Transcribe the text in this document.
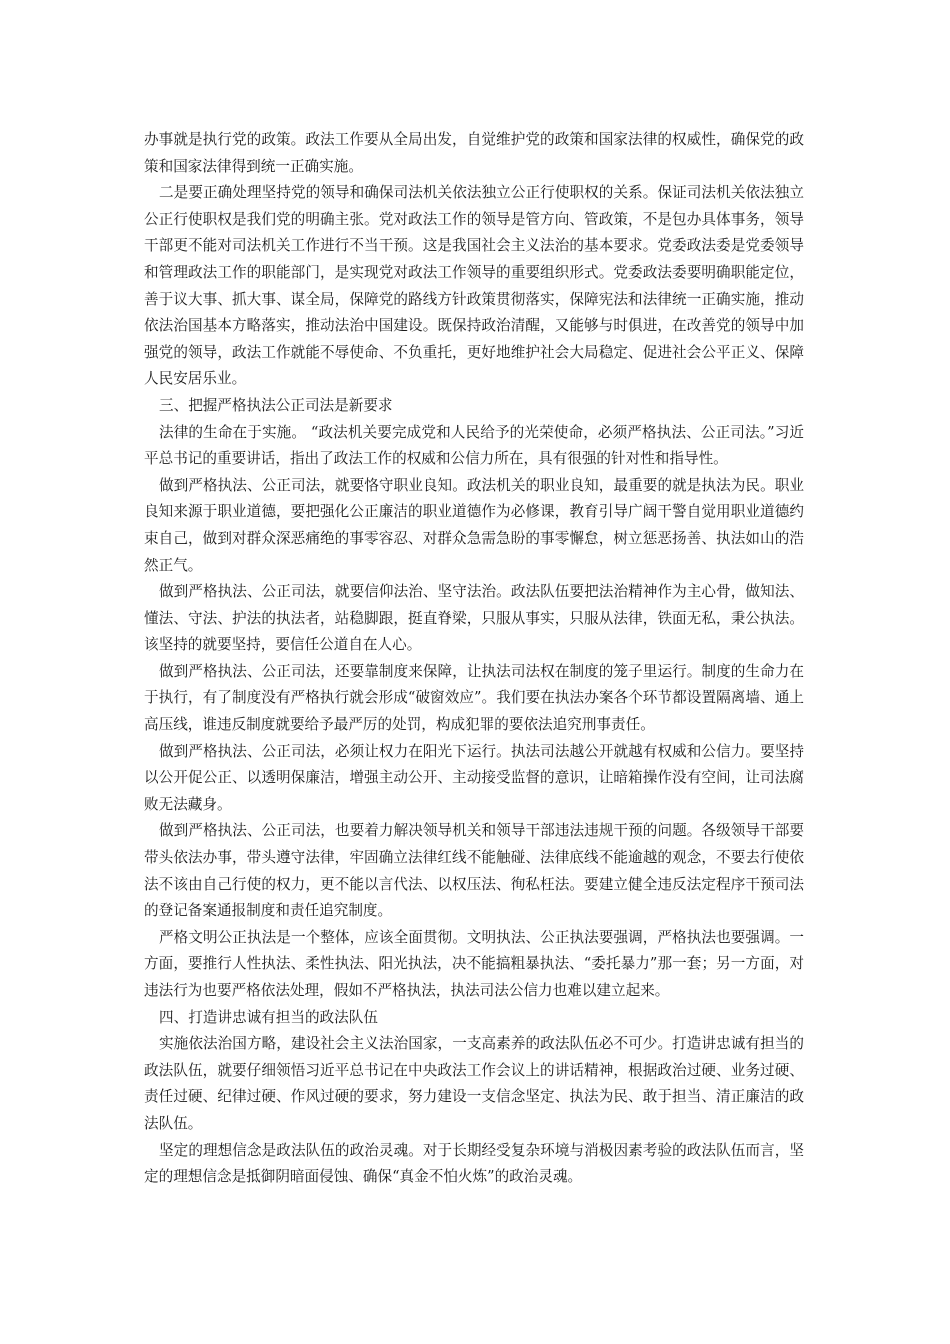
办事就是执行党的政策。政法工作要从全局出发，自觉维护党的政策和国家法律的权威性，确保党的政策和国家法律得到统一正确实施。

二是要正确处理坚持党的领导和确保司法机关依法独立公正行使职权的关系。保证司法机关依法独立公正行使职权是我们党的明确主张。党对政法工作的领导是管方向、管政策，不是包办具体事务，领导干部更不能对司法机关工作进行不当干预。这是我国社会主义法治的基本要求。党委政法委是党委领导和管理政法工作的职能部门，是实现党对政法工作领导的重要组织形式。党委政法委要明确职能定位，善于议大事、抓大事、谋全局，保障党的路线方针政策贯彻落实，保障宪法和法律统一正确实施，推动依法治国基本方略落实，推动法治中国建设。既保持政治清醒，又能够与时俱进，在改善党的领导中加强党的领导，政法工作就能不辱使命、不负重托，更好地维护社会大局稳定、促进社会公平正义、保障人民安居乐业。

三、把握严格执法公正司法是新要求

法律的生命在于实施。 “政法机关要完成党和人民给予的光荣使命，必须严格执法、公正司法。”习近平总书记的重要讲话，指出了政法工作的权威和公信力所在，具有很强的针对性和指导性。

做到严格执法、公正司法，就要恪守职业良知。政法机关的职业良知，最重要的就是执法为民。职业良知来源于职业道德，要把强化公正廉洁的职业道德作为必修课，教育引导广阔干警自觉用职业道德约束自己，做到对群众深恶痛绝的事零容忍、对群众急需急盼的事零懈怠，树立惩恶扬善、执法如山的浩然正气。

做到严格执法、公正司法，就要信仰法治、坚守法治。政法队伍要把法治精神作为主心骨，做知法、懂法、守法、护法的执法者，站稳脚跟，挺直脊梁，只服从事实，只服从法律，铁面无私，秉公执法。该坚持的就要坚持，要信任公道自在人心。

做到严格执法、公正司法，还要靠制度来保障，让执法司法权在制度的笼子里运行。制度的生命力在于执行，有了制度没有严格执行就会形成“破窗效应”。我们要在执法办案各个环节都设置隔离墙、通上高压线，谁违反制度就要给予最严厉的处罚，构成犯罪的要依法追究刑事责任。

做到严格执法、公正司法，必须让权力在阳光下运行。执法司法越公开就越有权威和公信力。要坚持以公开促公正、以透明保廉洁，增强主动公开、主动接受监督的意识，让暗箱操作没有空间，让司法腐败无法藏身。

做到严格执法、公正司法，也要着力解决领导机关和领导干部违法违规干预的问题。各级领导干部要带头依法办事，带头遵守法律，牢固确立法律红线不能触碰、法律底线不能逾越的观念，不要去行使依法不该由自己行使的权力，更不能以言代法、以权压法、徇私枉法。要建立健全违反法定程序干预司法的登记备案通报制度和责任追究制度。

严格文明公正执法是一个整体，应该全面贯彻。文明执法、公正执法要强调，严格执法也要强调。一方面，要推行人性执法、柔性执法、阳光执法，决不能搞粗暴执法、“委托暴力”那一套；另一方面，对违法行为也要严格依法处理，假如不严格执法，执法司法公信力也难以建立起来。

四、打造讲忠诚有担当的政法队伍

实施依法治国方略，建设社会主义法治国家，一支高素养的政法队伍必不可少。打造讲忠诚有担当的政法队伍，就要仔细领悟习近平总书记在中央政法工作会议上的讲话精神，根据政治过硬、业务过硬、责任过硬、纪律过硬、作风过硬的要求，努力建设一支信念坚定、执法为民、敢于担当、清正廉洁的政法队伍。

坚定的理想信念是政法队伍的政治灵魂。对于长期经受复杂环境与消极因素考验的政法队伍而言，坚定的理想信念是抵御阴暗面侵蚀、确保“真金不怕火炼”的政治灵魂。
